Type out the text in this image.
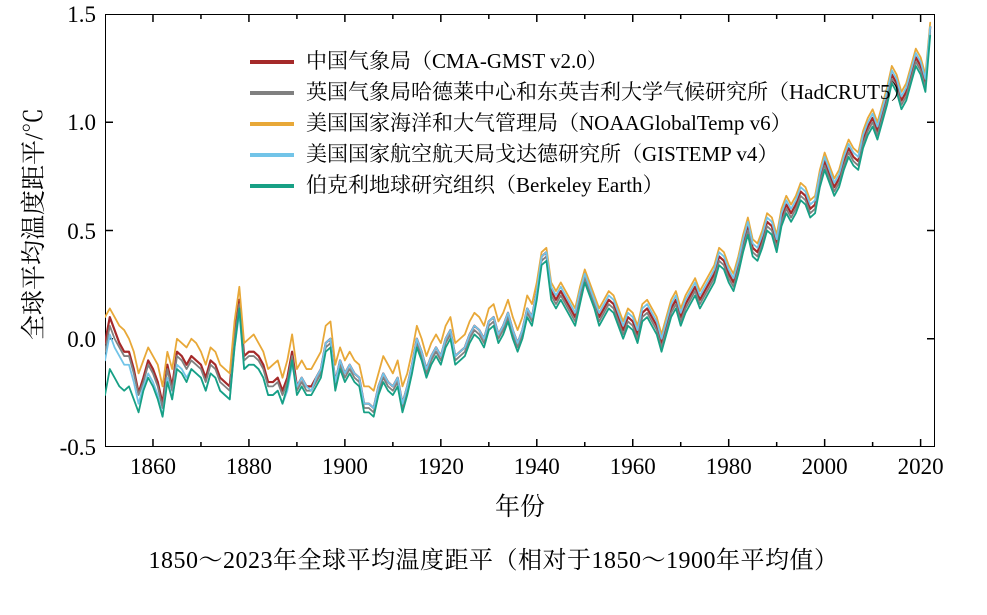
全球平均温度距平/℃
-0.5
0.0
0.5
1.0
1.5
中国气象局（CMA-GMST v2.0）
英国气象局哈德莱中心和东英吉利大学气候研究所（HadCRUT5）
美国国家海洋和大气管理局（NOAAGlobalTemp v6）
美国国家航空航天局戈达德研究所（GISTEMP v4）
伯克利地球研究组织（Berkeley Earth）
1860	1880	1900	1920	1940	1960	1980	2000	2020
年份
1850～2023年全球平均温度距平（相对于1850～1900年平均值）
